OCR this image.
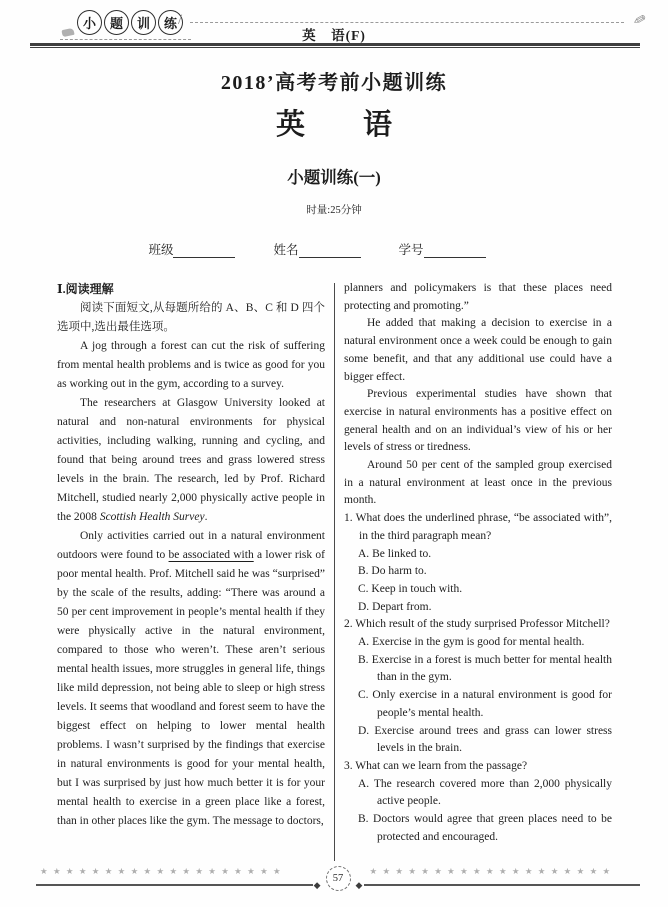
小	题	训	练 /	✎
英　语(F)
2018’高考考前小题训练
英　　语
小题训练(一)
时量:25分钟
班级	姓名	学号
Ⅰ.阅读理解

阅读下面短文,从每题所给的 A、B、C 和 D 四个选项中,选出最佳选项。

A jog through a forest can cut the risk of suffering from mental health problems and is twice as good for you as working out in the gym, according to a survey.

The researchers at Glasgow University looked at natural and non-natural environments for physical activities, including walking, running and cycling, and found that being around trees and grass lowered stress levels in the brain. The research, led by Prof. Richard Mitchell, studied nearly 2,000 physically active people in the 2008 Scottish Health Survey.

Only activities carried out in a natural environment outdoors were found to be associated with a lower risk of poor mental health. Prof. Mitchell said he was “surprised” by the scale of the results, adding: “There was around a 50 per cent improvement in people’s mental health if they were physically active in the natural environment, compared to those who weren’t. These aren’t serious mental health issues, more struggles in general life, things like mild depression, not being able to sleep or high stress levels. It seems that woodland and forest seem to have the biggest effect on helping to lower mental health problems. I wasn’t surprised by the findings that exercise in natural environments is good for your mental health, but I was surprised by just how much better it is for your mental health to exercise in a green place like a forest, than in other places like the gym. The message to doctors,

planners and policymakers is that these places need protecting and promoting.”

He added that making a decision to exercise in a natural environment once a week could be enough to gain some benefit, and that any additional use could have a bigger effect.

Previous experimental studies have shown that exercise in natural environments has a positive effect on general health and on an individual’s view of his or her levels of stress or tiredness.

Around 50 per cent of the sampled group exercised in a natural environment at least once in the previous month.

1. What does the underlined phrase, “be associated with”, in the third paragraph mean?
A. Be linked to.
B. Do harm to.
C. Keep in touch with.
D. Depart from.
2. Which result of the study surprised Professor Mitchell?
A. Exercise in the gym is good for mental health.
B. Exercise in a forest is much better for mental health than in the gym.
C. Only exercise in a natural environment is good for people’s mental health.
D. Exercise around trees and grass can lower stress levels in the brain.
3. What can we learn from the passage?
A. The research covered more than 2,000 physically active people.
B. Doctors would agree that green places need to be protected and encouraged.
★ ★ ★ ★ ★ ★ ★ ★ ★ ★ ★ ★ ★ ★ ★ ★ ★ ★ ★
◆
57
◆
★ ★ ★ ★ ★ ★ ★ ★ ★ ★ ★ ★ ★ ★ ★ ★ ★ ★ ★
